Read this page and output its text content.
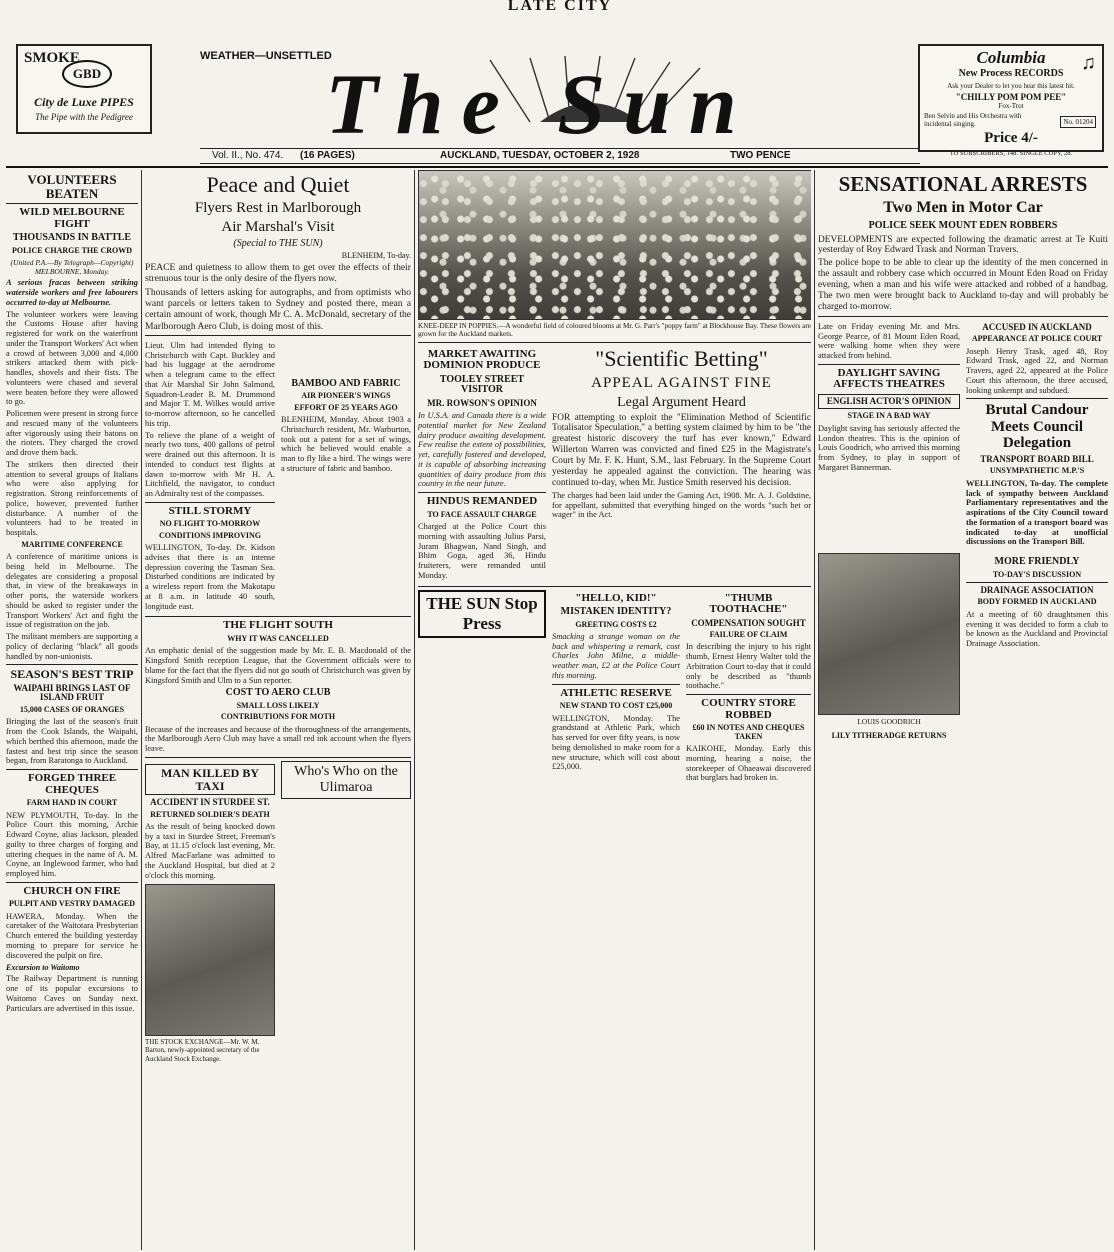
LATE CITY
SMOKE
GBD
City de Luxe PIPES
The Pipe with the Pedigree
WEATHER—UNSETTLED
The Sun	Columbia
New Process RECORDS ♫
Ask your Dealer to let you hear this latest hit.
"CHILLY POM POM PEE"
Fox-Trot
Ben Selvin and His Orchestra with incidental singing.	No. 01204
Price 4/-
Vol. II., No. 474. (16 PAGES)	AUCKLAND, TUESDAY, OCTOBER 2, 1928	TWO PENCE	TO SUBSCRIBERS, 14d. SINGLE COPY, 2d.
VOLUNTEERS BEATEN
WILD MELBOURNE FIGHT
THOUSANDS IN BATTLE
POLICE CHARGE THE CROWD
(United P.A.—By Telegraph—Copyright) MELBOURNE, Monday.

A serious fracas between striking waterside workers and free labourers occurred to-day at Melbourne.

The volunteer workers were leaving the Customs House after having registered for work on the waterfront under the Transport Workers' Act when a crowd of between 3,000 and 4,000 strikers attacked them with pick-handles, shovels and their fists. The volunteers were chased and several were beaten before they were allowed to go.

Policemen were present in strong force and rescued many of the volunteers after vigorously using their batons on the rioters. They charged the crowd and drove them back.

The strikers then directed their attention to several groups of Italians who were also applying for registration. Strong reinforcements of police, however, prevented further disturbance. A number of the volunteers had to be treated in hospitals.

MARITIME CONFERENCE

A conference of maritime unions is being held in Melbourne. The delegates are considering a proposal that, in view of the breakaways in other ports, the waterside workers should be asked to register under the Transport Workers' Act and fight the issue of registration on the job.

The militant members are supporting a policy of declaring "black" all goods handled by non-unionists.

SEASON'S BEST TRIP
WAIPAHI BRINGS LAST OF ISLAND FRUIT
15,000 CASES OF ORANGES

Bringing the last of the season's fruit from the Cook Islands, the Waipahi, which berthed this afternoon, made the fastest and best trip since the season began, from Raratonga to Auckland.

FORGED THREE CHEQUES
FARM HAND IN COURT

NEW PLYMOUTH, To-day. In the Police Court this morning, Archie Edward Coyne, alias Jackson, pleaded guilty to three charges of forging and uttering cheques in the name of A. M. Coyne, an Inglewood farmer, who had employed him.

CHURCH ON FIRE
PULPIT AND VESTRY DAMAGED

HAWERA, Monday. When the caretaker of the Waitotara Presbyterian Church entered the building yesterday morning to prepare for service he discovered the pulpit on fire.

Excursion to Waitomo

The Railway Department is running one of its popular excursions to Waitomo Caves on Sunday next. Particulars are advertised in this issue.

Peace and Quiet
Flyers Rest in Marlborough
Air Marshal's Visit
(Special to THE SUN)
BLENHEIM, To-day.

PEACE and quietness to allow them to get over the effects of their strenuous tour is the only desire of the flyers now.

Thousands of letters asking for autographs, and from optimists who want parcels or letters taken to Sydney and posted there, mean a certain amount of work, though Mr C. A. McDonald, secretary of the Marlborough Aero Club, is doing most of this.

Lieut. Ulm had intended flying to Christchurch with Capt. Buckley and had his luggage at the aerodrome when a telegram came to the effect that Air Marshal Sir John Salmond, Squadron-Leader R. M. Drummond and Major T. M. Wilkes would arrive to-morrow afternoon, so he cancelled his trip.

To relieve the plane of a weight of nearly two tons, 400 gallons of petrol were drained out this afternoon. It is intended to conduct test flights at dawn to-morrow with Mr H. A. Litchfield, the navigator, to conduct an Admiralty test of the compasses.

STILL STORMY
NO FLIGHT TO-MORROW
CONDITIONS IMPROVING

WELLINGTON, To-day. Dr. Kidson advises that there is an intense depression covering the Tasman Sea. Disturbed conditions are indicated by a wireless report from the Makotapu at 8 a.m. in latitude 40 south, longitude east.

BAMBOO AND FABRIC
AIR PIONEER'S WINGS
EFFORT OF 25 YEARS AGO

BLENHEIM, Monday. About 1903 a Christchurch resident, Mr. Warburton, took out a patent for a set of wings, which he believed would enable a man to fly like a bird. The wings were a structure of fabric and bamboo.

THE FLIGHT SOUTH
WHY IT WAS CANCELLED

An emphatic denial of the suggestion made by Mr. E. B. Macdonald of the Kingsford Smith reception League, that the Government officials were to blame for the fact that the flyers did not go south of Christchurch was given by Kingsford Smith and Ulm to a Sun reporter.

COST TO AERO CLUB
SMALL LOSS LIKELY
CONTRIBUTIONS FOR MOTH

Because of the increases and because of the thoroughness of the arrangements, the Marlborough Aero Club may have a small red ink account when the flyers leave.

MAN KILLED BY TAXI
ACCIDENT IN STURDEE ST.
RETURNED SOLDIER'S DEATH

As the result of being knocked down by a taxi in Sturdee Street, Freeman's Bay, at 11.15 o'clock last evening, Mr. Alfred MacFarlane was admitted to the Auckland Hospital, but died at 2 o'clock this morning.

THE STOCK EXCHANGE—Mr. W. M. Barton, newly-appointed secretary of the Auckland Stock Exchange.
Who's Who on the Ulimaroa
KNEE-DEEP IN POPPIES.—A wonderful field of coloured blooms at Mr. G. Parr's "poppy farm" at Blockhouse Bay. These flowers are grown for the Auckland markets.
MARKET AWAITING DOMINION PRODUCE
TOOLEY STREET VISITOR
MR. ROWSON'S OPINION

In U.S.A. and Canada there is a wide potential market for New Zealand dairy produce awaiting development. Few realise the extent of possibilities, yet, carefully fostered and developed, it is capable of absorbing increasing quantities of dairy produce from this country in the near future.

HINDUS REMANDED
TO FACE ASSAULT CHARGE

Charged at the Police Court this morning with assaulting Julius Parsi, Juram Bhagwan, Nand Singh, and Bhim Goga, aged 36, Hindu fruiterers, were remanded until Monday.

"Scientific Betting"
APPEAL AGAINST FINE
Legal Argument Heard

FOR attempting to exploit the "Elimination Method of Scientific Totalisator Speculation," a betting system claimed by him to be "the greatest historic discovery the turf has ever known," Edward Willerton Warren was convicted and fined £25 in the Magistrate's Court by Mr. F. K. Hunt, S.M., last February. In the Supreme Court yesterday he appealed against the conviction. The hearing was continued to-day, when Mr. Justice Smith reserved his decision.

The charges had been laid under the Gaming Act, 1908. Mr. A. J. Goldstine, for appellant, submitted that everything hinged on the words "such bet or wager" in the Act.

THE SUN Stop Press
"HELLO, KID!"
MISTAKEN IDENTITY?
GREETING COSTS £2

Smacking a strange woman on the back and whispering a remark, cost Charles John Milne, a middle-weather man, £2 at the Police Court this morning.

ATHLETIC RESERVE
NEW STAND TO COST £25,000

WELLINGTON, Monday. The grandstand at Athletic Park, which has served for over fifty years, is now being demolished to make room for a new structure, which will cost about £25,000.

"THUMB TOOTHACHE"
COMPENSATION SOUGHT
FAILURE OF CLAIM

In describing the injury to his right thumb, Ernest Henry Walter told the Arbitration Court to-day that it could only be described as "thumb toothache."

COUNTRY STORE ROBBED
£60 IN NOTES AND CHEQUES TAKEN

KAIKOHE, Monday. Early this morning, hearing a noise, the storekeeper of Ohaeawai discovered that burglars had broken in.

SENSATIONAL ARRESTS
Two Men in Motor Car
POLICE SEEK MOUNT EDEN ROBBERS

DEVELOPMENTS are expected following the dramatic arrest at Te Kuiti yesterday of Roy Edward Trask and Norman Travers.

The police hope to be able to clear up the identity of the men concerned in the assault and robbery case which occurred in Mount Eden Road on Friday evening, when a man and his wife were attacked and robbed of a handbag. The two men were brought back to Auckland to-day and will probably be charged to-morrow.

Late on Friday evening Mr. and Mrs. George Pearce, of 81 Mount Eden Road, were walking home when they were attacked from behind.

DAYLIGHT SAVING AFFECTS THEATRES
ENGLISH ACTOR'S OPINION
STAGE IN A BAD WAY

Daylight saving has seriously affected the London theatres. This is the opinion of Louis Goodrich, who arrived this morning from Sydney, to play in support of Margaret Bannerman.

ACCUSED IN AUCKLAND
APPEARANCE AT POLICE COURT

Joseph Henry Trask, aged 48, Roy Edward Trask, aged 22, and Norman Travers, aged 22, appeared at the Police Court this afternoon, the three accused, looking unkempt and subdued.

Brutal Candour Meets Council Delegation
TRANSPORT BOARD BILL
UNSYMPATHETIC M.P.'S

WELLINGTON, To-day. The complete lack of sympathy between Auckland Parliamentary representatives and the aspirations of the City Council toward the formation of a transport board was indicated to-day at unofficial discussions on the Transport Bill.

LOUIS GOODRICH
LILY TITHERADGE RETURNS
MORE FRIENDLY
TO-DAY'S DISCUSSION
DRAINAGE ASSOCIATION
BODY FORMED IN AUCKLAND

At a meeting of 60 draughtsmen this evening it was decided to form a club to be known as the Auckland and Provincial Drainage Association.
